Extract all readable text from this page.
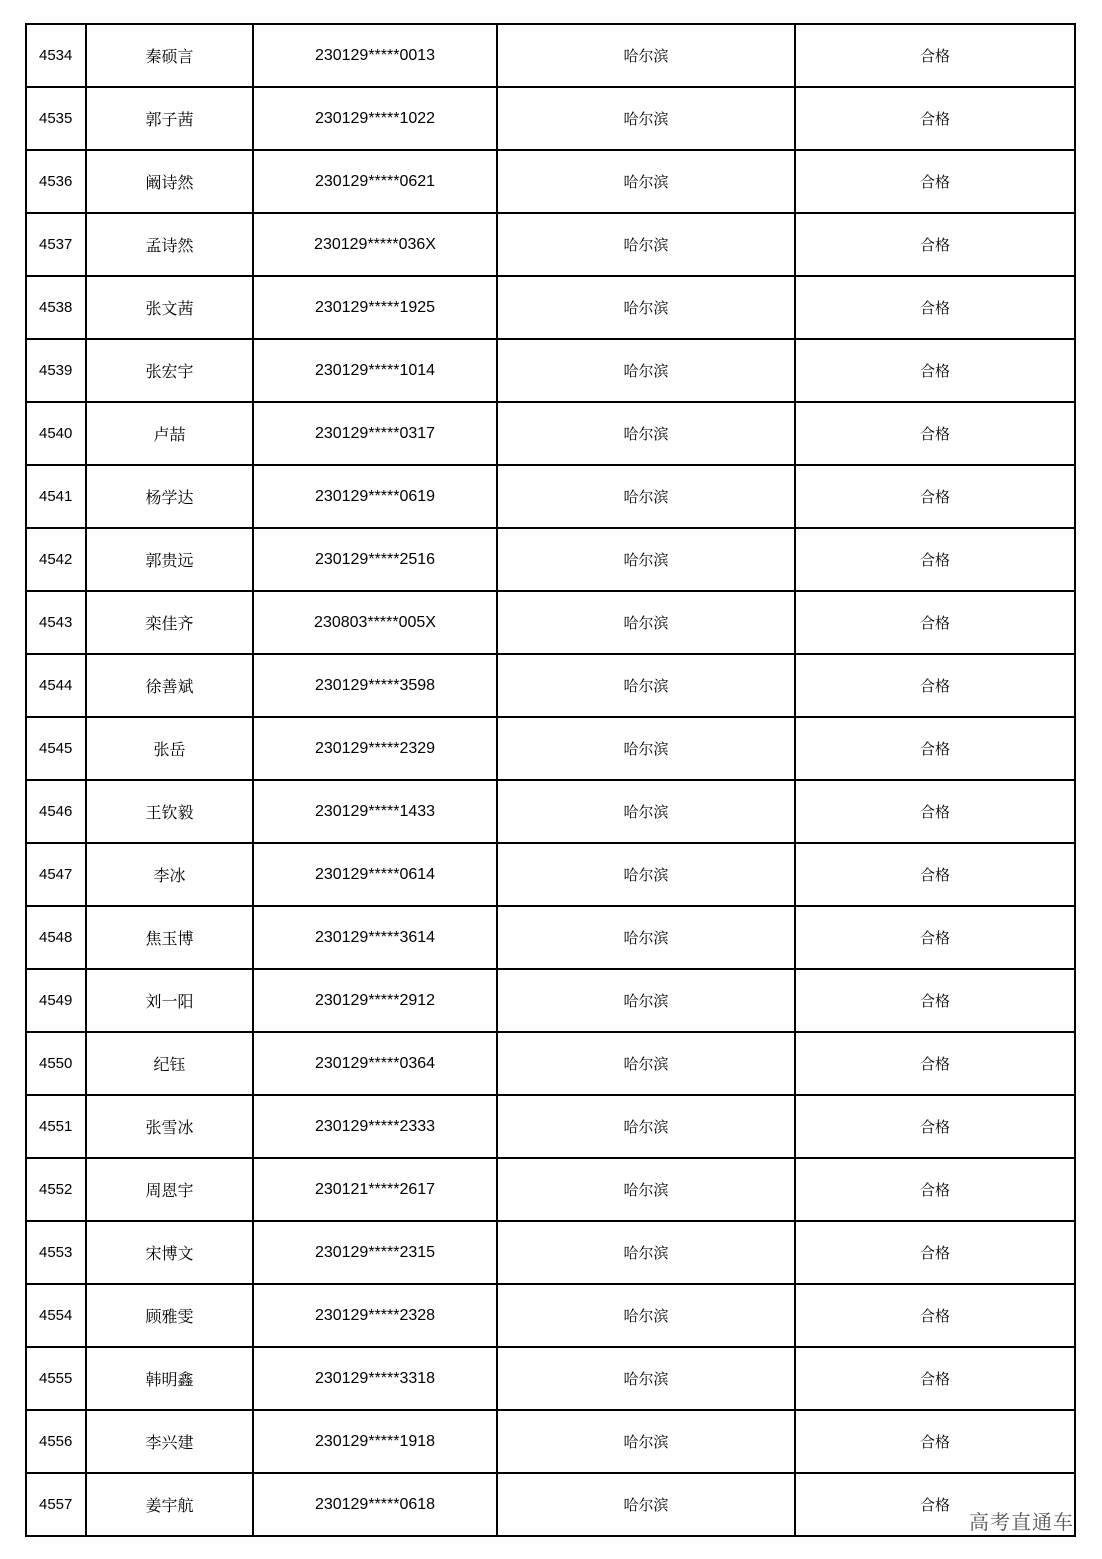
4534	秦硕言	230129*****0013	哈尔滨	合格
4535	郭子茜	230129*****1022	哈尔滨	合格
4536	阚诗然	230129*****0621	哈尔滨	合格
4537	孟诗然	230129*****036X	哈尔滨	合格
4538	张文茜	230129*****1925	哈尔滨	合格
4539	张宏宇	230129*****1014	哈尔滨	合格
4540	卢喆	230129*****0317	哈尔滨	合格
4541	杨学达	230129*****0619	哈尔滨	合格
4542	郭贵远	230129*****2516	哈尔滨	合格
4543	栾佳齐	230803*****005X	哈尔滨	合格
4544	徐善斌	230129*****3598	哈尔滨	合格
4545	张岳	230129*****2329	哈尔滨	合格
4546	王钦毅	230129*****1433	哈尔滨	合格
4547	李冰	230129*****0614	哈尔滨	合格
4548	焦玉博	230129*****3614	哈尔滨	合格
4549	刘一阳	230129*****2912	哈尔滨	合格
4550	纪钰	230129*****0364	哈尔滨	合格
4551	张雪冰	230129*****2333	哈尔滨	合格
4552	周恩宇	230121*****2617	哈尔滨	合格
4553	宋博文	230129*****2315	哈尔滨	合格
4554	顾雅雯	230129*****2328	哈尔滨	合格
4555	韩明鑫	230129*****3318	哈尔滨	合格
4556	李兴建	230129*****1918	哈尔滨	合格
4557	姜宇航	230129*****0618	哈尔滨	合格
高考直通车
